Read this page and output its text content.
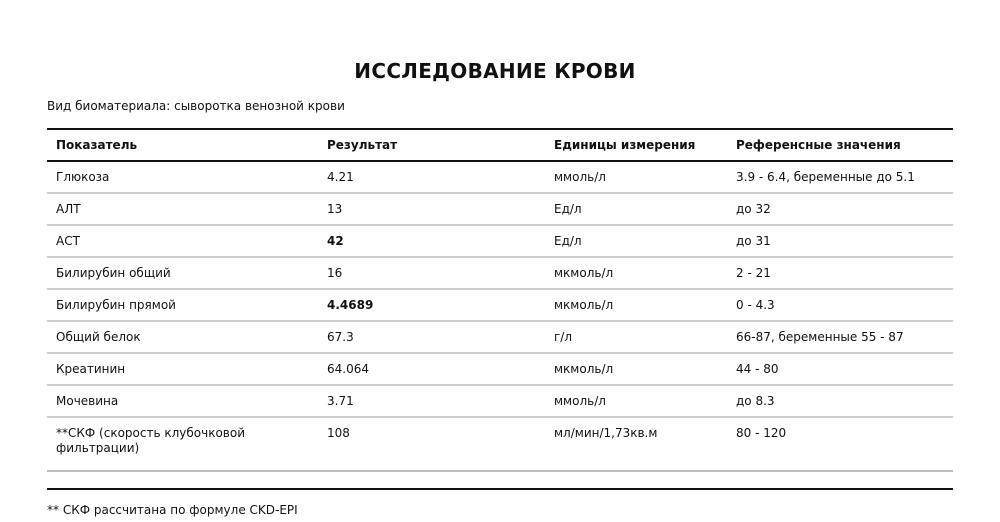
ИССЛЕДОВАНИЕ КРОВИ
Вид биоматериала: сыворотка венозной крови
Показатель	Результат	Единицы измерения	Референсные значения
Глюкоза	4.21	ммоль/л	3.9 - 6.4, беременные до 5.1
АЛТ	13	Ед/л	до 32
АСТ	42	Ед/л	до 31
Билирубин общий	16	мкмоль/л	2 - 21
Билирубин прямой	4.4689	мкмоль/л	0 - 4.3
Общий белок	67.3	г/л	66-87, беременные 55 - 87
Креатинин	64.064	мкмоль/л	44 - 80
Мочевина	3.71	ммоль/л	до 8.3
**СКФ (скорость клубочковой фильтрации)	108	мл/мин/1,73кв.м	80 - 120
** СКФ рассчитана по формуле CKD-EPI
